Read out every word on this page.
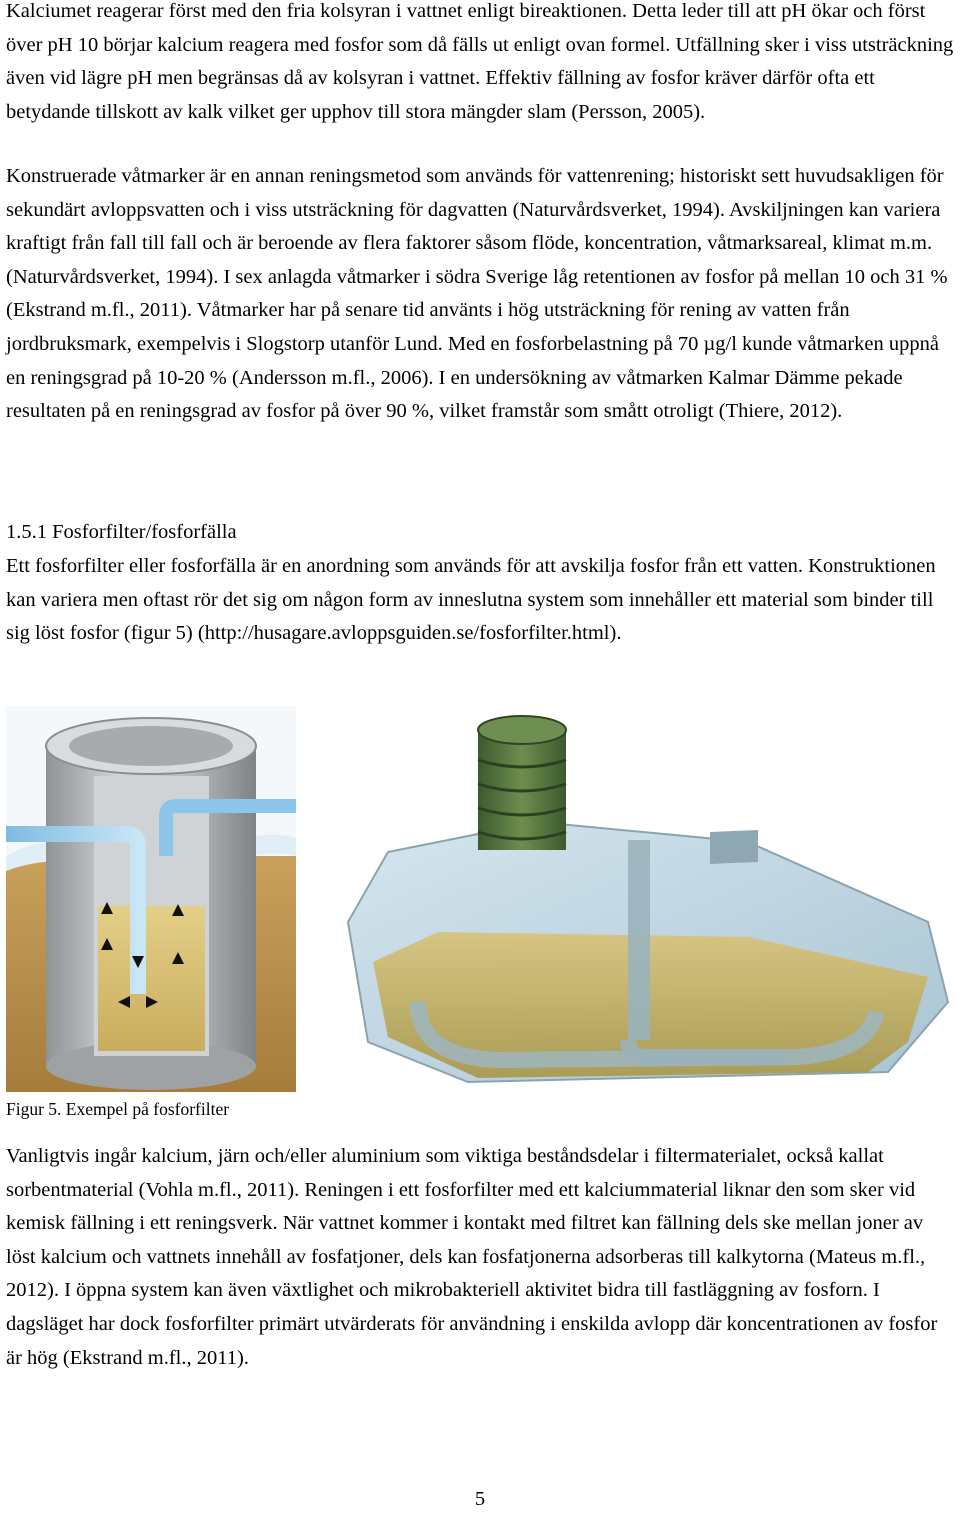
Kalciumet reagerar först med den fria kolsyran i vattnet enligt bireaktionen. Detta leder till att pH ökar och först över pH 10 börjar kalcium reagera med fosfor som då fälls ut enligt ovan formel. Utfällning sker i viss utsträckning även vid lägre pH men begränsas då av kolsyran i vattnet. Effektiv fällning av fosfor kräver därför ofta ett betydande tillskott av kalk vilket ger upphov till stora mängder slam (Persson, 2005).

Konstruerade våtmarker är en annan reningsmetod som används för vattenrening; historiskt sett huvudsakligen för sekundärt avloppsvatten och i viss utsträckning för dagvatten (Naturvårdsverket, 1994). Avskiljningen kan variera kraftigt från fall till fall och är beroende av flera faktorer såsom flöde, koncentration, våtmarksareal, klimat m.m. (Naturvårdsverket, 1994). I sex anlagda våtmarker i södra Sverige låg retentionen av fosfor på mellan 10 och 31 % (Ekstrand m.fl., 2011). Våtmarker har på senare tid använts i hög utsträckning för rening av vatten från jordbruksmark, exempelvis i Slogstorp utanför Lund. Med en fosforbelastning på 70 µg/l kunde våtmarken uppnå en reningsgrad på 10-20 % (Andersson m.fl., 2006). I en undersökning av våtmarken Kalmar Dämme pekade resultaten på en reningsgrad av fosfor på över 90 %, vilket framstår som smått otroligt (Thiere, 2012).

1.5.1 Fosforfilter/fosforfälla

Ett fosforfilter eller fosforfälla är en anordning som används för att avskilja fosfor från ett vatten. Konstruktionen kan variera men oftast rör det sig om någon form av inneslutna system som innehåller ett material som binder till sig löst fosfor (figur 5) (http://husagare.avloppsguiden.se/fosforfilter.html).

Figur 5. Exempel på fosforfilter

Vanligtvis ingår kalcium, järn och/eller aluminium som viktiga beståndsdelar i filtermaterialet, också kallat sorbentmaterial (Vohla m.fl., 2011). Reningen i ett fosforfilter med ett kalciummaterial liknar den som sker vid kemisk fällning i ett reningsverk. När vattnet kommer i kontakt med filtret kan fällning dels ske mellan joner av löst kalcium och vattnets innehåll av fosfatjoner, dels kan fosfatjonerna adsorberas till kalkytorna (Mateus m.fl., 2012). I öppna system kan även växtlighet och mikrobakteriell aktivitet bidra till fastläggning av fosforn. I dagsläget har dock fosforfilter primärt utvärderats för användning i enskilda avlopp där koncentrationen av fosfor är hög (Ekstrand m.fl., 2011).

5
